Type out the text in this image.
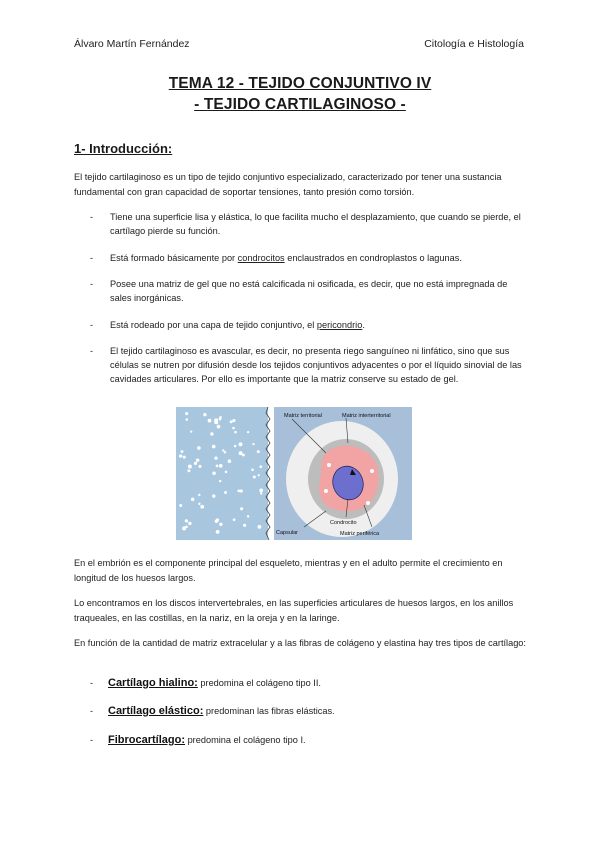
Álvaro Martín Fernández	Citología e Histología
TEMA 12 - TEJIDO CONJUNTIVO IV
- TEJIDO CARTILAGINOSO -
1- Introducción:
El tejido cartilaginoso es un tipo de tejido conjuntivo especializado, caracterizado por tener una sustancia fundamental con gran capacidad de soportar tensiones, tanto presión como torsión.
- Tiene una superficie lisa y elástica, lo que facilita mucho el desplazamiento, que cuando se pierde, el cartílago pierde su función.
- Está formado básicamente por condrocitos enclaustrados en condroplastos o lagunas.
- Posee una matriz de gel que no está calcificada ni osificada, es decir, que no está impregnada de sales inorgánicas.
- Está rodeado por una capa de tejido conjuntivo, el pericondrio.
- El tejido cartilaginoso es avascular, es decir, no presenta riego sanguíneo ni linfático, sino que sus células se nutren por difusión desde los tejidos conjuntivos adyacentes o por el líquido sinovial de las cavidades articulares. Por ello es importante que la matriz conserve su estado de gel.
Matriz territorial	Matriz interterritorial
Condrocito
Capsular	Matriz periférica
En el embrión es el componente principal del esqueleto, mientras y en el adulto permite el crecimiento en longitud de los huesos largos.
Lo encontramos en los discos intervertebrales, en las superficies articulares de huesos largos, en los anillos traqueales, en las costillas, en la nariz, en la oreja y en la laringe.
En función de la cantidad de matriz extracelular y a las fibras de colágeno y elastina hay tres tipos de cartílago:
- Cartílago hialino: predomina el colágeno tipo II.
- Cartílago elástico: predominan las fibras elásticas.
- Fibrocartílago: predomina el colágeno tipo I.
